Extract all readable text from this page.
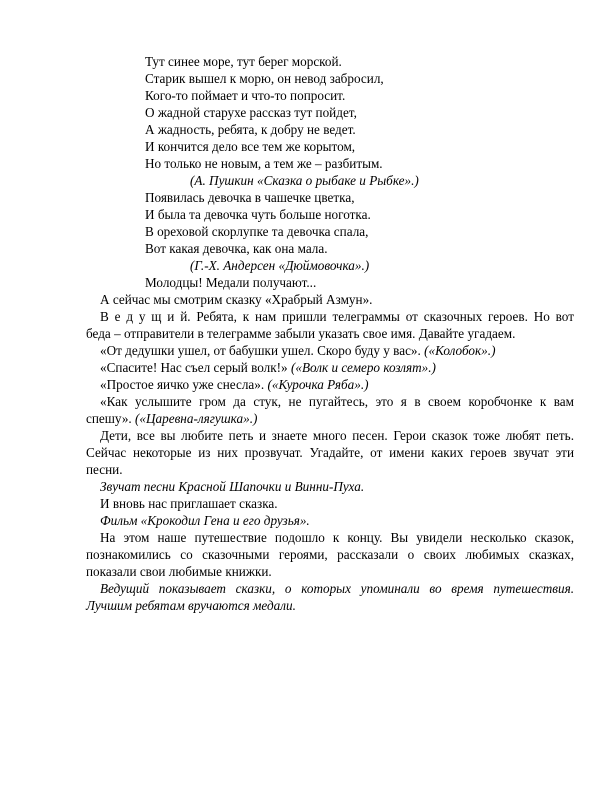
Тут синее море, тут берег морской.
Старик вышел к морю, он невод забросил,
Кого-то поймает и что-то попросит.
О жадной старухе рассказ тут пойдет,
А жадность, ребята, к добру не ведет.
И кончится дело все тем же корытом,
Но только не новым, а тем же – разбитым.
(А. Пушкин «Сказка о рыбаке и Рыбке».)
Появилась девочка в чашечке цветка,
И была та девочка чуть больше ноготка.
В ореховой скорлупке та девочка спала,
Вот какая девочка, как она мала.
(Г.-Х. Андерсен «Дюймовочка».)
Молодцы! Медали получают...
А сейчас мы смотрим сказку «Храбрый Азмун».
В е д у щ и й. Ребята, к нам пришли телеграммы от сказочных героев. Но вот
беда – отправители в телеграмме забыли указать свое имя. Давайте угадаем.
«От дедушки ушел, от бабушки ушел. Скоро буду у вас». («Колобок».)
«Спасите! Нас съел серый волк!» («Волк и семеро козлят».)
«Простое яичко уже снесла». («Курочка Ряба».)
«Как услышите гром да стук, не пугайтесь, это я в своем коробчонке к вам
спешу». («Царевна-лягушка».)
Дети, все вы любите петь и знаете много песен. Герои сказок тоже любят петь.
Сейчас некоторые из них прозвучат. Угадайте, от имени каких героев звучат эти
песни.
Звучат песни Красной Шапочки и Винни-Пуха.
И вновь нас приглашает сказка.
Фильм «Крокодил Гена и его друзья».
На этом наше путешествие подошло к концу. Вы увидели несколько сказок,
познакомились со сказочными героями, рассказали о своих любимых сказках,
показали свои любимые книжки.
Ведущий показывает сказки, о которых упоминали во время путешествия.
Лучшим ребятам вручаются медали.
